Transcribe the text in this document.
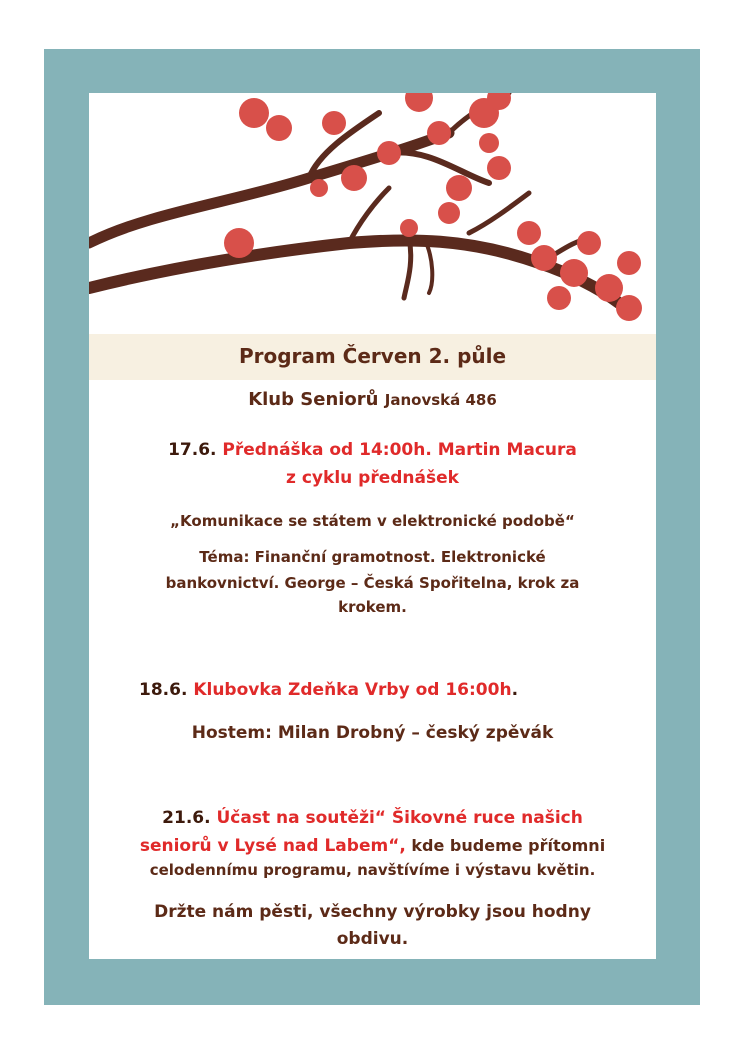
Program Červen 2. půle
Klub Seniorů Janovská 486
17.6. Přednáška od 14:00h. Martin Macura
z cyklu přednášek
„Komunikace se státem v elektronické podobě“
Téma: Finanční gramotnost. Elektronické
bankovnictví. George – Česká Spořitelna, krok za
krokem.
18.6. Klubovka Zdeňka Vrby od 16:00h.
Hostem: Milan Drobný – český zpěvák
21.6. Účast na soutěži“ Šikovné ruce našich
seniorů v Lysé nad Labem“, kde budeme přítomni
celodennímu programu, navštívíme i výstavu květin.
Držte nám pěsti, všechny výrobky jsou hodny
obdivu.
